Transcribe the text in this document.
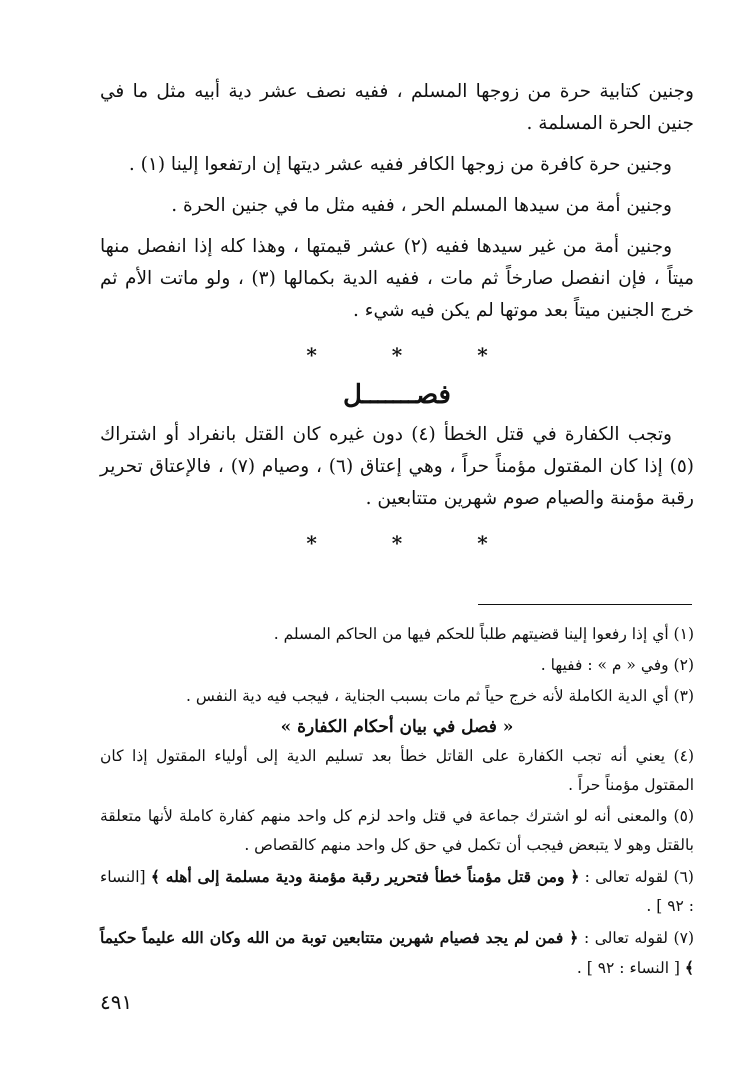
وجنين كتابية حرة من زوجها المسلم ، ففيه نصف عشر دية أبيه مثل ما في جنين الحرة المسلمة .

وجنين حرة كافرة من زوجها الكافر ففيه عشر ديتها إن ارتفعوا إلينا (١) .

وجنين أمة من سيدها المسلم الحر ، ففيه مثل ما في جنين الحرة .

وجنين أمة من غير سيدها ففيه (٢) عشر قيمتها ، وهذا كله إذا انفصل منها ميتاً ، فإن انفصل صارخاً ثم مات ، ففيه الدية بكمالها (٣) ، ولو ماتت الأم ثم خرج الجنين ميتاً بعد موتها لم يكن فيه شيء .

* * *
فصـــــــل

وتجب الكفارة في قتل الخطأ (٤) دون غيره كان القتل بانفراد أو اشتراك (٥) إذا كان المقتول مؤمناً حراً ، وهي إعتاق (٦) ، وصيام (٧) ، فالإعتاق تحرير رقبة مؤمنة والصيام صوم شهرين متتابعين .

* * *

(١) أي إذا رفعوا إلينا قضيتهم طلباً للحكم فيها من الحاكم المسلم .

(٢) وفي « م » : ففيها .

(٣) أي الدية الكاملة لأنه خرج حياً ثم مات بسبب الجناية ، فيجب فيه دية النفس .

« فصل في بيان أحكام الكفارة »

(٤) يعني أنه تجب الكفارة على القاتل خطأ بعد تسليم الدية إلى أولياء المقتول إذا كان المقتول مؤمناً حراً .

(٥) والمعنى أنه لو اشترك جماعة في قتل واحد لزم كل واحد منهم كفارة كاملة لأنها متعلقة بالقتل وهو لا يتبعض فيجب أن تكمل في حق كل واحد منهم كالقصاص .

(٦) لقوله تعالى : ﴿ ومن قتل مؤمناً خطأ فتحرير رقبة مؤمنة ودية مسلمة إلى أهله ﴾ [النساء : ٩٢ ] .

(٧) لقوله تعالى : ﴿ فمن لم يجد فصيام شهرين متتابعين توبة من الله وكان الله عليماً حكيماً ﴾ [ النساء : ٩٢ ] .

٤٩١
